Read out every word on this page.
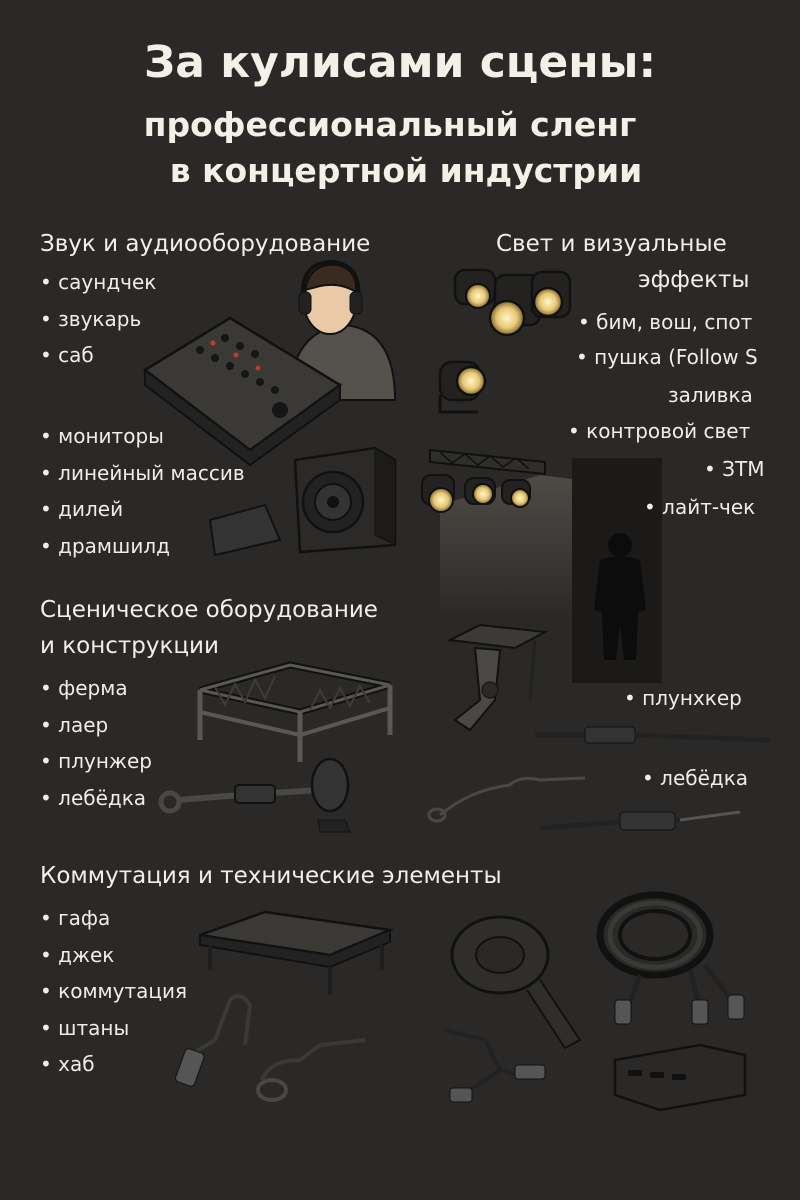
За кулисами сцены:
профессиональный сленг
в концертной индустрии
Звук и аудиооборудование
• саундчек
• звукарь
• саб
• мониторы
• линейный массив
• дилей
• драмшилд
Свет и визуальные
эффекты
• бим, вош, спот
• пушка (Follow S
заливка
• контровой свет
• ЗТМ
• лайт-чек
Сценическое оборудование
и конструкции
• ферма
• лаер
• плунжер
• лебёдка
• плунхкер
• лебёдка
Коммутация и технические элементы
• гафа
• джек
• коммутация
• штаны
• хаб
